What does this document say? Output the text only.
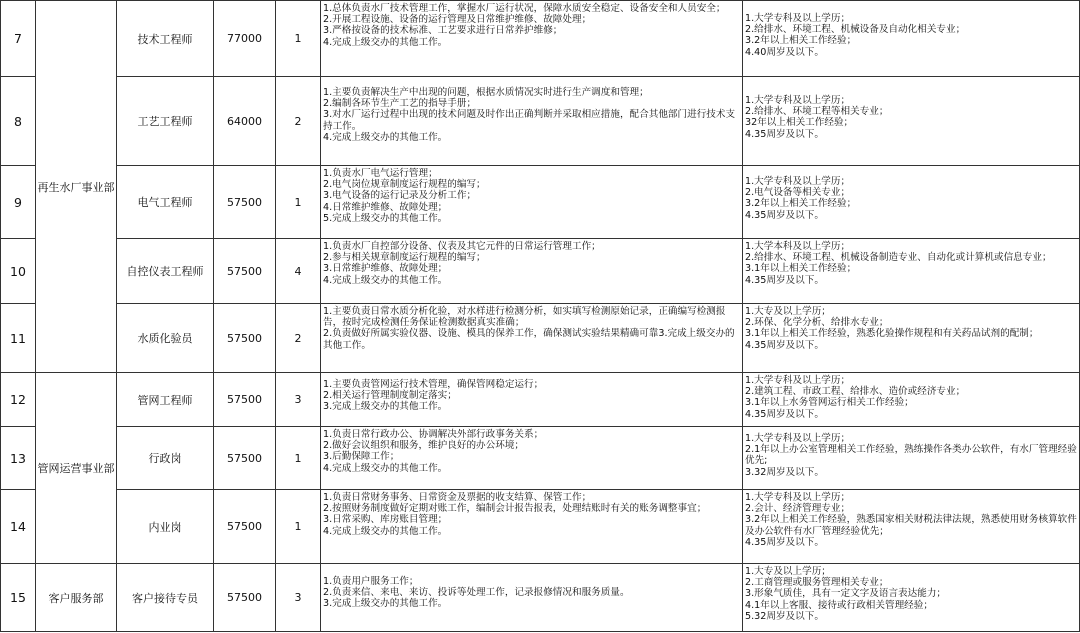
7	再生水厂事业部	技术工程师	77000	1	1.总体负责水厂技术管理工作，掌握水厂运行状况，保障水质安全稳定、设备安全和人员安全；
2.开展工程设施、设备的运行管理及日常维护维修、故障处理；
3.严格按设备的技术标准、工艺要求进行日常养护维修；
4.完成上级交办的其他工作。	1.大学专科及以上学历；
2.给排水、环境工程、机械设备及自动化相关专业；
3.2年以上相关工作经验；
4.40周岁及以下。

8		工艺工程师	64000	2	1.主要负责解决生产中出现的问题，根据水质情况实时进行生产调度和管理；
2.编制各环节生产工艺的指导手册；
3.对水厂运行过程中出现的技术问题及时作出正确判断并采取相应措施，配合其他部门进行技术支持工作。
4.完成上级交办的其他工作。	1.大学专科及以上学历；
2.给排水、环境工程等相关专业；
32年以上相关工作经验；
4.35周岁及以下。

9		电气工程师	57500	1	1.负责水厂电气运行管理；
2.电气岗位规章制度运行规程的编写；
3.电气设备的运行记录及分析工作；
4.日常维护维修、故障处理；
5.完成上级交办的其他工作。	1.大学专科及以上学历；
2.电气设备等相关专业；
3.2年以上相关工作经验；
4.35周岁及以下。

10		自控仪表工程师	57500	4	1.负责水厂自控部分设备、仪表及其它元件的日常运行管理工作；
2.参与相关规章制度运行规程的编写；
3.日常维护维修、故障处理；
4.完成上级交办的其他工作。	1.大学本科及以上学历；
2.给排水、环境工程、机械设备制造专业、自动化或计算机或信息专业；
3.1年以上相关工作经验；
4.35周岁及以下。

11		水质化验员	57500	2	1.主要负责日常水质分析化验，对水样进行检测分析，如实填写检测原始记录，正确编写检测报告，按时完成检测任务保证检测数据真实准确；
2.负责做好所属实验仪器、设施、模具的保养工作，确保测试实验结果精确可靠3.完成上级交办的其他工作。	1.大专及以上学历；
2.环保、化学分析、给排水专业；
3.1年以上相关工作经验，熟悉化验操作规程和有关药品试剂的配制；
4.35周岁及以下。

12	管网运营事业部	管网工程师	57500	3	1.主要负责管网运行技术管理，确保管网稳定运行；
2.相关运行管理制度制定落实；
3.完成上级交办的其他工作。	1.大学专科及以上学历；
2.建筑工程、市政工程、给排水、造价或经济专业；
3.1年以上水务管网运行相关工作经验；
4.35周岁及以下。

13		行政岗	57500	1	1.负责日常行政办公、协调解决外部行政事务关系；
2.做好会议组织和服务，维护良好的办公环境；
3.后勤保障工作；
4.完成上级交办的其他工作。	1.大学专科及以上学历；
2.1年以上办公室管理相关工作经验，熟练操作各类办公软件，有水厂管理经验优先;
3.32周岁及以下。

14		内业岗	57500	1	1.负责日常财务事务、日常资金及票据的收支结算、保管工作；
2.按照财务制度做好定期对账工作，编制会计报告报表，处理结账时有关的账务调整事宜；
3.日常采购、库房账目管理；
4.完成上级交办的其他工作。	1.大学专科及以上学历；
2.会计、经济管理专业；
3.2年以上相关工作经验，熟悉国家相关财税法律法规，熟悉使用财务核算软件及办公软件有水厂管理经验优先；
4.35周岁及以下。

15	客户服务部	客户接待专员	57500	3	1.负责用户服务工作；
2.负责来信、来电、来访、投诉等处理工作，记录报修情况和服务质量。
3.完成上级交办的其他工作。	1.大专及以上学历；
2.工商管理或服务管理相关专业；
3.形象气质佳，具有一定文字及语言表达能力；
4.1年以上客服、接待或行政相关管理经验；
5.32周岁及以下。
